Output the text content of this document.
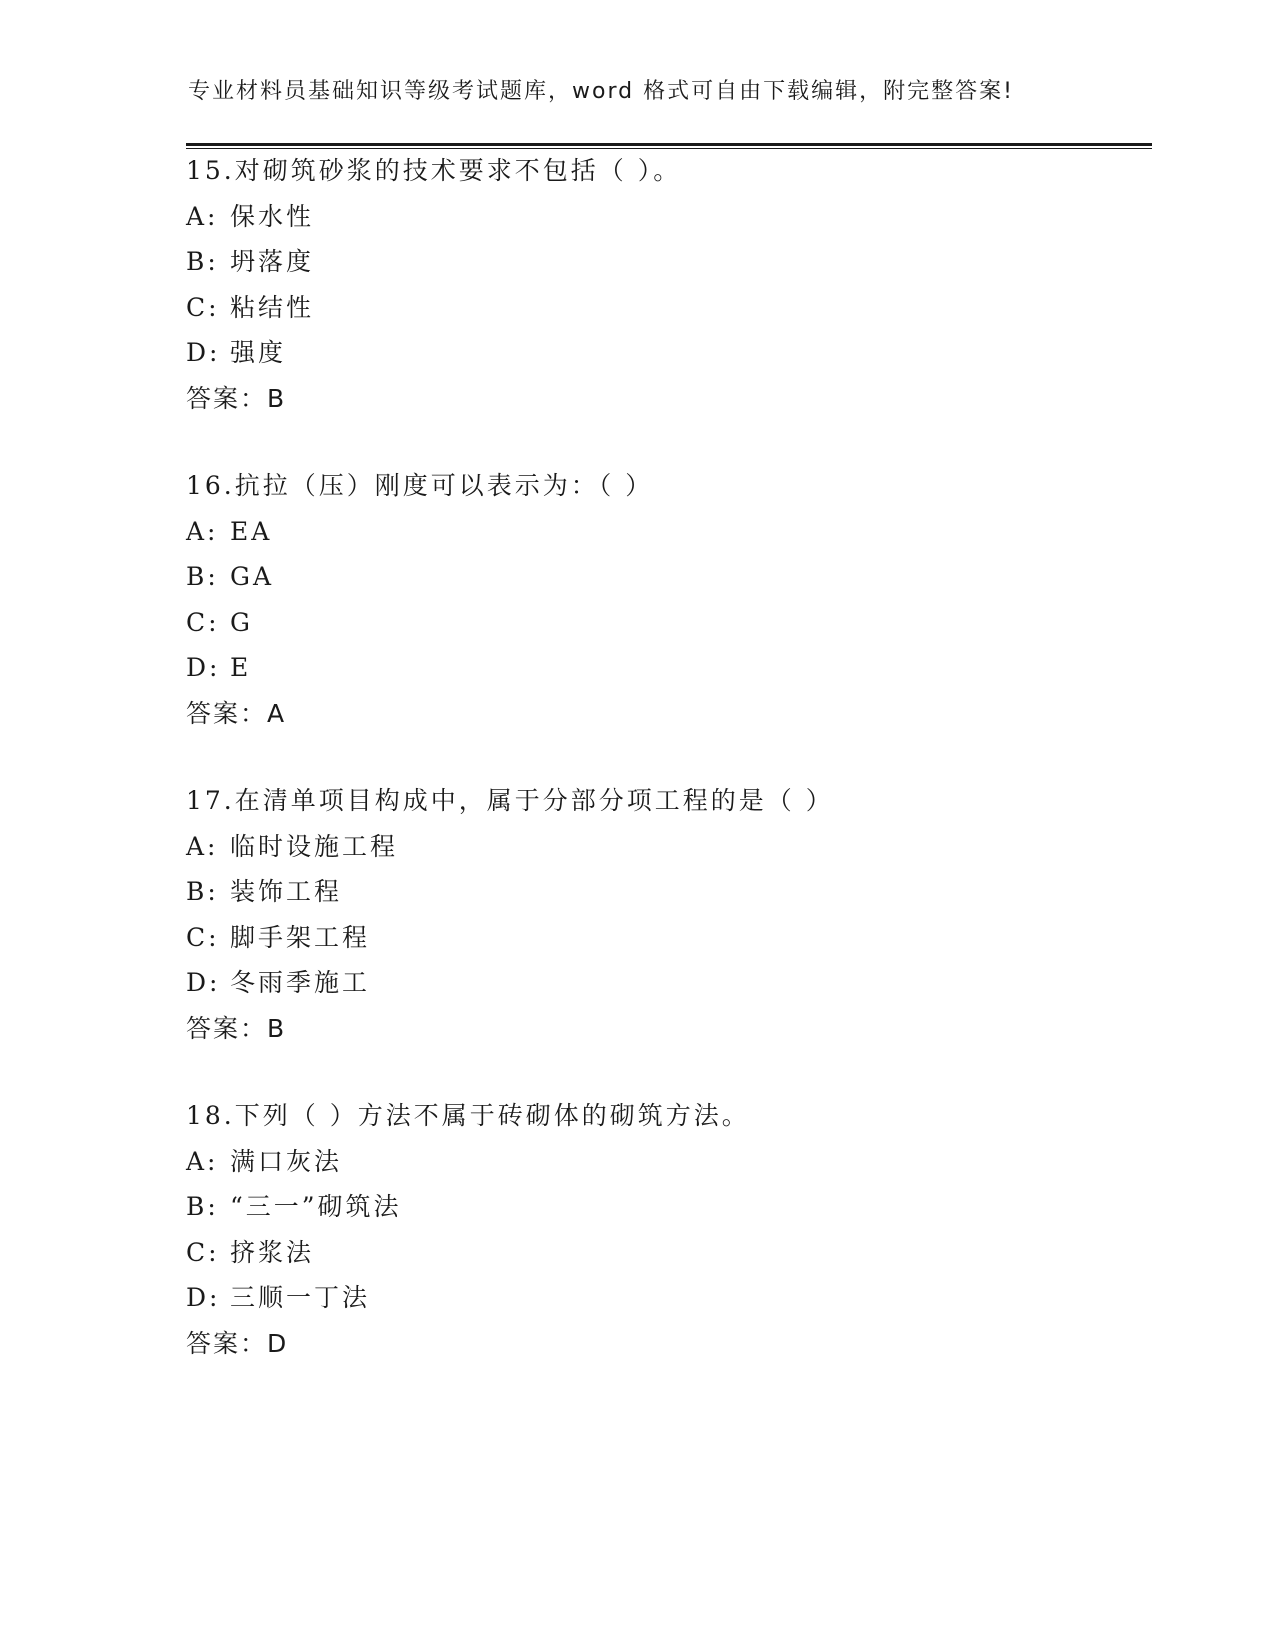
专业材料员基础知识等级考试题库，word 格式可自由下载编辑，附完整答案!
15.对砌筑砂浆的技术要求不包括（ ）。
A: 保水性
B: 坍落度
C: 粘结性
D: 强度
答案：B
16.抗拉（压）刚度可以表示为：（ ）
A: EA
B: GA
C: G
D: E
答案：A
17.在清单项目构成中，属于分部分项工程的是（ ）
A: 临时设施工程
B: 装饰工程
C: 脚手架工程
D: 冬雨季施工
答案：B
18.下列（ ）方法不属于砖砌体的砌筑方法。
A: 满口灰法
B: “三一”砌筑法
C: 挤浆法
D: 三顺一丁法
答案：D
